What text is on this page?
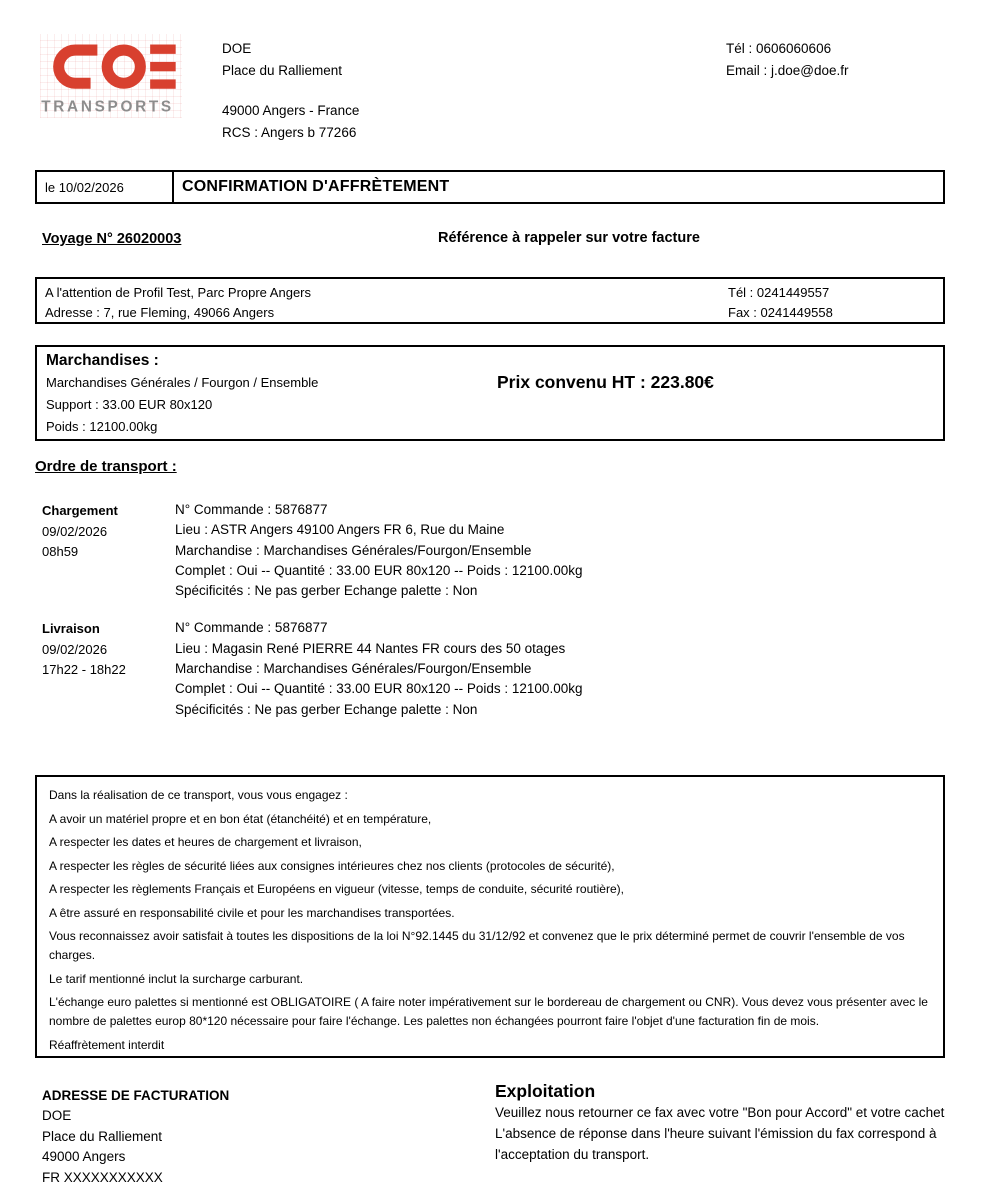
TRANSPORTS
DOE
Place du Ralliement
49000 Angers - France
RCS : Angers b 77266
Tél : 0606060606
Email : j.doe@doe.fr
le 10/02/2026	CONFIRMATION D'AFFRÈTEMENT
Voyage N° 26020003	Référence à rappeler sur votre facture
A l'attention de Profil Test, Parc Propre Angers
Adresse : 7, rue Fleming, 49066 Angers
Tél : 0241449557
Fax : 0241449558
Marchandises :
Marchandises Générales / Fourgon / Ensemble
Support : 33.00 EUR 80x120
Poids : 12100.00kg
Prix convenu HT : 223.80€
Ordre de transport :
Chargement
09/02/2026
08h59
N° Commande : 5876877
Lieu : ASTR Angers 49100 Angers FR 6, Rue du Maine
Marchandise : Marchandises Générales/Fourgon/Ensemble
Complet : Oui -- Quantité : 33.00 EUR 80x120 -- Poids : 12100.00kg
Spécificités : Ne pas gerber Echange palette : Non
Livraison
09/02/2026
17h22 - 18h22
N° Commande : 5876877
Lieu : Magasin René PIERRE 44 Nantes FR cours des 50 otages
Marchandise : Marchandises Générales/Fourgon/Ensemble
Complet : Oui -- Quantité : 33.00 EUR 80x120 -- Poids : 12100.00kg
Spécificités : Ne pas gerber Echange palette : Non

Dans la réalisation de ce transport, vous vous engagez :

A avoir un matériel propre et en bon état (étanchéité) et en température,

A respecter les dates et heures de chargement et livraison,

A respecter les règles de sécurité liées aux consignes intérieures chez nos clients (protocoles de sécurité),

A respecter les règlements Français et Européens en vigueur (vitesse, temps de conduite, sécurité routière),

A être assuré en responsabilité civile et pour les marchandises transportées.

Vous reconnaissez avoir satisfait à toutes les dispositions de la loi N°92.1445 du 31/12/92 et convenez que le prix déterminé permet de couvrir l'ensemble de vos charges.

Le tarif mentionné inclut la surcharge carburant.

L'échange euro palettes si mentionné est OBLIGATOIRE ( A faire noter impérativement sur le bordereau de chargement ou CNR). Vous devez vous présenter avec le nombre de palettes europ 80*120 nécessaire pour faire l'échange. Les palettes non échangées pourront faire l'objet d'une facturation fin de mois.

Réaffrètement interdit

ADRESSE DE FACTURATION
DOE
Place du Ralliement
49000 Angers
FR XXXXXXXXXXX
Exploitation

Veuillez nous retourner ce fax avec votre "Bon pour Accord" et votre cachet

L'absence de réponse dans l'heure suivant l'émission du fax correspond à l'acceptation du transport.
